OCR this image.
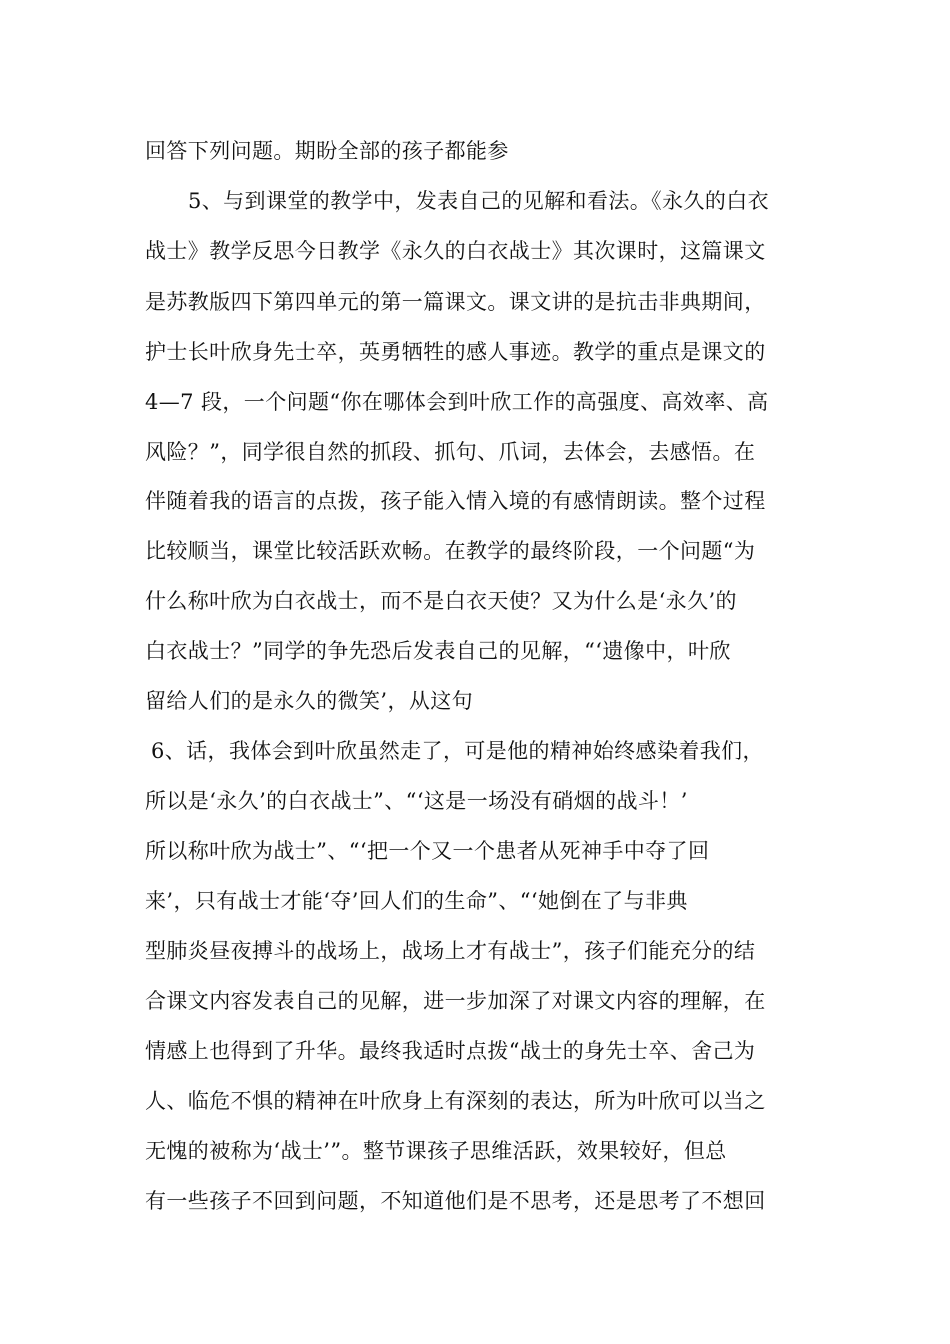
回答下列问题。期盼全部的孩子都能参
5、与到课堂的教学中，发表自己的见解和看法。《永久的白衣
战士》教学反思今日教学《永久的白衣战士》其次课时，这篇课文
是苏教版四下第四单元的第一篇课文。课文讲的是抗击非典期间，
护士长叶欣身先士卒，英勇牺牲的感人事迹。教学的重点是课文的
4—7 段，一个问题“你在哪体会到叶欣工作的高强度、高效率、高
风险？”，同学很自然的抓段、抓句、爪词，去体会，去感悟。在
伴随着我的语言的点拨，孩子能入情入境的有感情朗读。整个过程
比较顺当，课堂比较活跃欢畅。在教学的最终阶段，一个问题“为
什么称叶欣为白衣战士，而不是白衣天使？又为什么是‘永久’的
白衣战士？”同学的争先恐后发表自己的见解，“‘遗像中，叶欣
留给人们的是永久的微笑’，从这句
6、话，我体会到叶欣虽然走了，可是他的精神始终感染着我们，
所以是‘永久’的白衣战士”、“‘这是一场没有硝烟的战斗！’
所以称叶欣为战士”、“‘把一个又一个患者从死神手中夺了回
来’，只有战士才能‘夺’回人们的生命”、“‘她倒在了与非典
型肺炎昼夜搏斗的战场上，战场上才有战士”，孩子们能充分的结
合课文内容发表自己的见解，进一步加深了对课文内容的理解，在
情感上也得到了升华。最终我适时点拨“战士的身先士卒、舍己为
人、临危不惧的精神在叶欣身上有深刻的表达，所为叶欣可以当之
无愧的被称为‘战士’”。整节课孩子思维活跃，效果较好，但总
有一些孩子不回到问题，不知道他们是不思考，还是思考了不想回
